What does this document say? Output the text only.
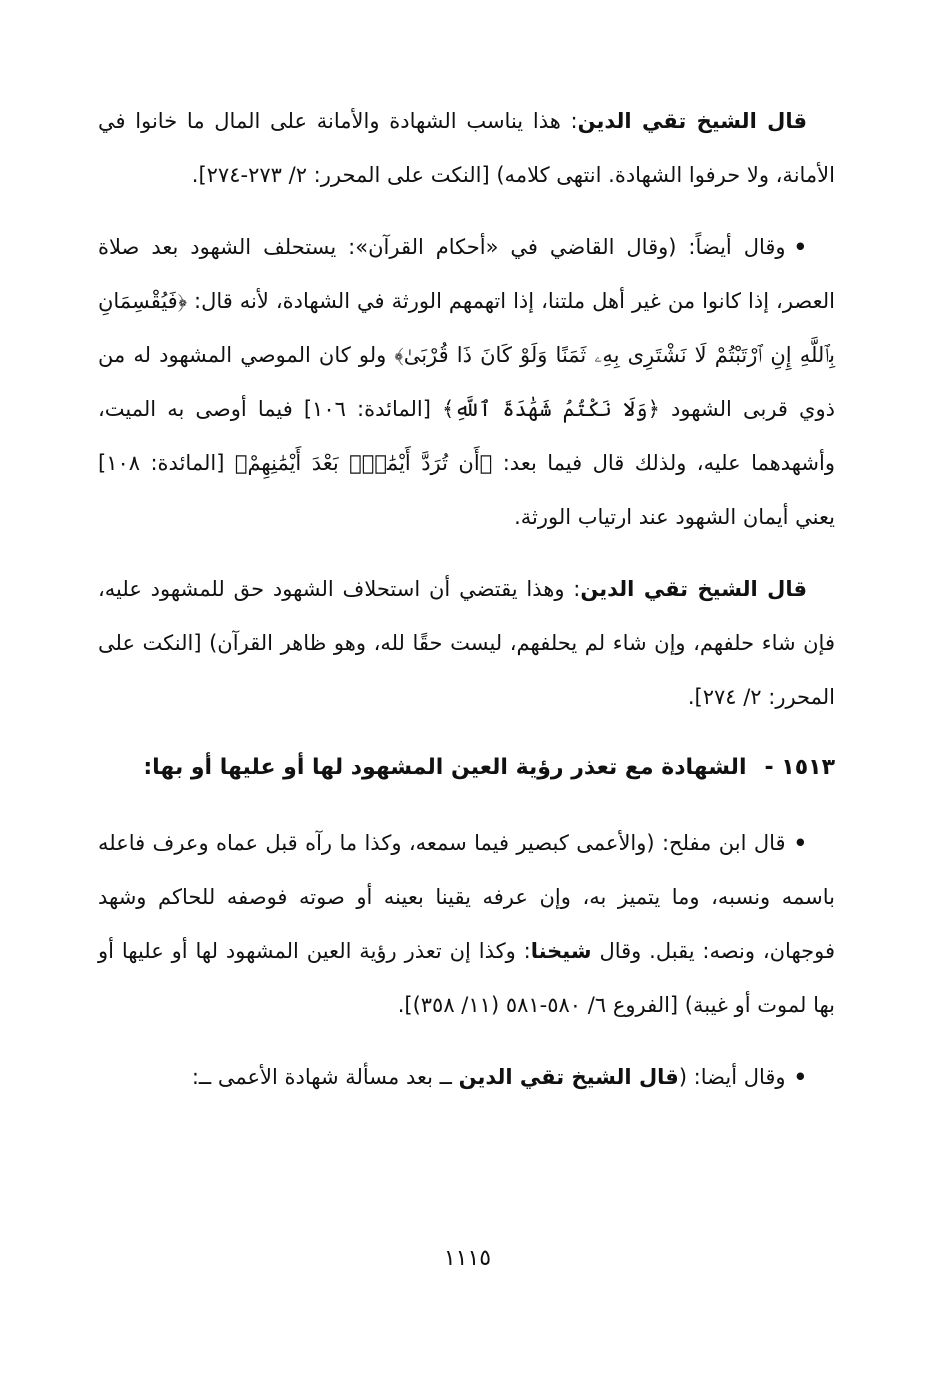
قال الشيخ تقي الدين: هذا يناسب الشهادة والأمانة على المال ما خانوا في الأمانة، ولا حرفوا الشهادة. انتهى كلامه) [النكت على المحرر: ٢/ ٢٧٣-٢٧٤].

•وقال أيضاً: (وقال القاضي في «أحكام القرآن»: يستحلف الشهود بعد صلاة العصر، إذا كانوا من غير أهل ملتنا، إذا اتهمهم الورثة في الشهادة، لأنه قال: ﴿فَيُقْسِمَانِ بِٱللَّهِ إِنِ ٱرْتَبْتُمْ لَا نَشْتَرِى بِهِۦ ثَمَنًا وَلَوْ كَانَ ذَا قُرْبَىٰ﴾ ولو كان الموصي المشهود له من ذوي قربى الشهود ﴿وَلَا نَكْتُمُ شَهَٰدَةَ ٱللَّهِ﴾ [المائدة: ١٠٦] فيما أوصى به الميت، وأشهدهما عليه، ولذلك قال فيما بعد: ﴿أَن تُرَدَّ أَيْمَٰنٌۢ بَعْدَ أَيْمَٰنِهِمْ﴾ [المائدة: ١٠٨] يعني أيمان الشهود عند ارتياب الورثة.

قال الشيخ تقي الدين: وهذا يقتضي أن استحلاف الشهود حق للمشهود عليه، فإن شاء حلفهم، وإن شاء لم يحلفهم، ليست حقًا لله، وهو ظاهر القرآن) [النكت على المحرر: ٢/ ٢٧٤].

١٥١٣ -الشهادة مع تعذر رؤية العين المشهود لها أو عليها أو بها:

•قال ابن مفلح: (والأعمى كبصير فيما سمعه، وكذا ما رآه قبل عماه وعرف فاعله باسمه ونسبه، وما يتميز به، وإن عرفه يقينا بعينه أو صوته فوصفه للحاكم وشهد فوجهان، ونصه: يقبل. وقال شيخنا: وكذا إن تعذر رؤية العين المشهود لها أو عليها أو بها لموت أو غيبة) [الفروع ٦/ ٥٨٠-٥٨١ (١١/ ٣٥٨)].

•وقال أيضا: (قال الشيخ تقي الدين ــ بعد مسألة شهادة الأعمى ــ:

١١١٥
